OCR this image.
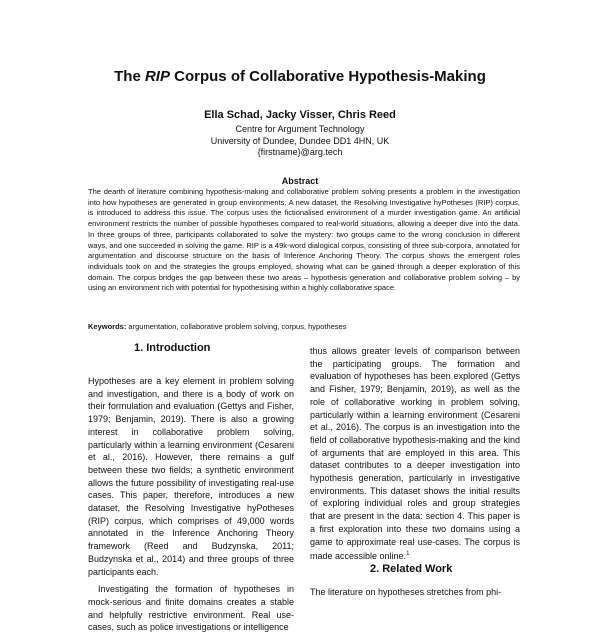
The RIP Corpus of Collaborative Hypothesis-Making
Ella Schad, Jacky Visser, Chris Reed
Centre for Argument Technology
University of Dundee, Dundee DD1 4HN, UK
{firstname}@arg.tech
Abstract
The dearth of literature combining hypothesis-making and collaborative problem solving presents a problem in the investigation into how hypotheses are generated in group environments. A new dataset, the Resolving Investigative hyPotheses (RIP) corpus, is introduced to address this issue. The corpus uses the fictionalised environment of a murder investigation game. An artificial environment restricts the number of possible hypotheses compared to real-world situations, allowing a deeper dive into the data. In three groups of three, participants collaborated to solve the mystery: two groups came to the wrong conclusion in different ways, and one succeeded in solving the game. RIP is a 49k-word dialogical corpus, consisting of three sub-corpora, annotated for argumentation and discourse structure on the basis of Inference Anchoring Theory. The corpus shows the emergent roles individuals took on and the strategies the groups employed, showing what can be gained through a deeper exploration of this domain. The corpus bridges the gap between these two areas – hypothesis generation and collaborative problem solving – by using an environment rich with potential for hypothesising within a highly collaborative space.
Keywords: argumentation, collaborative problem solving, corpus, hypotheses
1. Introduction

Hypotheses are a key element in problem solving and investigation, and there is a body of work on their formulation and evaluation (Gettys and Fisher, 1979; Benjamin, 2019). There is also a growing interest in collaborative problem solving, particularly within a learning environment (Cesareni et al., 2016). However, there remains a gulf between these two fields; a synthetic environment allows the future possibility of investigating real-use cases. This paper, therefore, introduces a new dataset, the Resolving Investigative hyPotheses (RIP) corpus, which comprises of 49,000 words annotated in the Inference Anchoring Theory framework (Reed and Budzynska, 2011; Budzynska et al., 2014) and three groups of three participants each.

Investigating the formation of hypotheses in mock-serious and finite domains creates a stable and helpfully restrictive environment. Real use-cases, such as police investigations or intelligence

thus allows greater levels of comparison between the participating groups. The formation and evaluation of hypotheses has been explored (Gettys and Fisher, 1979; Benjamin, 2019), as well as the role of collaborative working in problem solving, particularly within a learning environment (Cesareni et al., 2016). The corpus is an investigation into the field of collaborative hypothesis-making and the kind of arguments that are employed in this area. This dataset contributes to a deeper investigation into hypothesis generation, particularly in investigative environments. This dataset shows the initial results of exploring individual roles and group strategies that are present in the data: section 4. This paper is a first exploration into these two domains using a game to approximate real use-cases. The corpus is made accessible online.$^1$

2. Related Work
The literature on hypotheses stretches from phi-
